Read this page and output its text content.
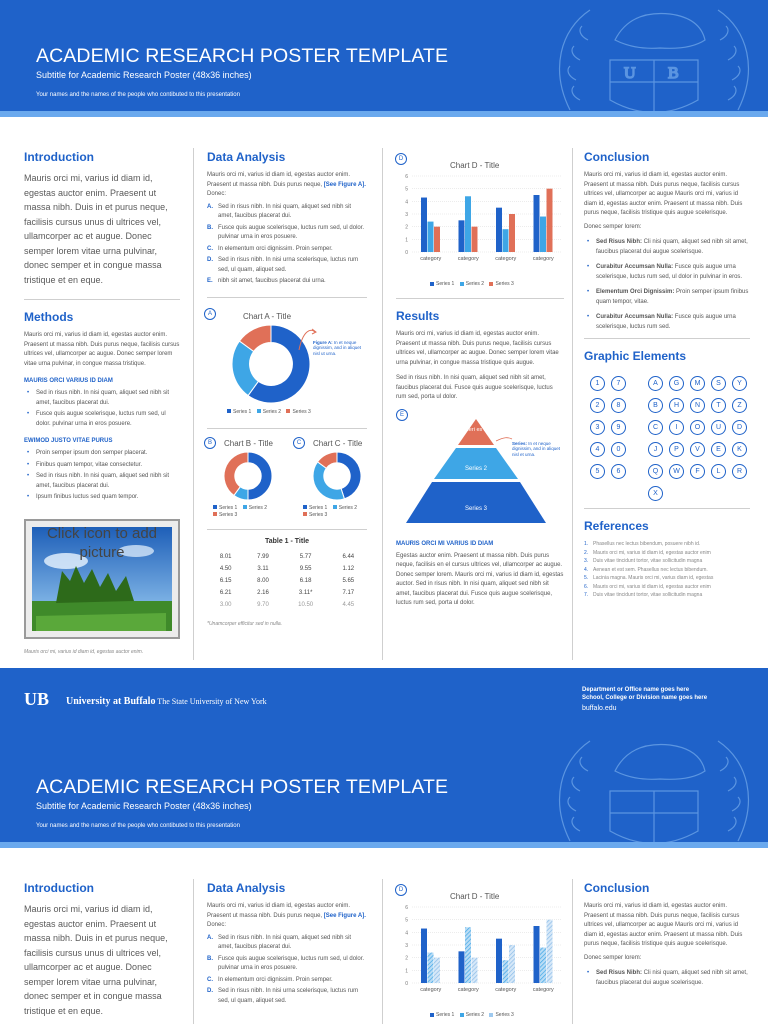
U B
ACADEMIC RESEARCH POSTER TEMPLATE
Subtitle for Academic Research Poster (48x36 inches)
Your names and the names of the people who contibuted to this presentation
Introduction

Mauris orci mi, varius id diam id, egestas auctor enim. Praesent ut massa nibh. Duis in et purus neque, facilisis cursus unus di ultrices vel, ullamcorper ac et augue. Donec semper lorem vitae urna pulvinar, donec semper et in congue massa tristique et en eque.

Methods

Mauris orci mi, varius id diam id, egestas auctor enim. Praesent ut massa nibh. Duis purus neque, facilisis cursus ultrices vel, ullamcorper ac augue. Donec semper lorem vitae urna pulvinar, in congue massa tristique.

MAURIS ORCI VARIUS ID DIAM
• Sed in risus nibh. In nisi quam, aliquet sed nibh sit amet, faucibus placerat dui.
• Fusce quis augue scelerisque, luctus rum sed, ul dolor. pulvinar urna in eros posuere.
EWIMOD JUSTO VITAE PURUS
• Proin semper ipsum don semper placerat.
• Finibus quam tempor, vitae consectetur.
• Sed in risus nibh. In nisi quam, aliquet sed nibh sit amet, faucibus placerat dui.
• Ipsum finibus luctus sed quam tempor.
Click icon to add picture
Mauris orci mi, varius id diam id, egestas auctor enim.
Data Analysis

Mauris orci mi, varius id diam id, egestas auctor enim. Praesent ut massa nibh. Duis purus neque, [See Figure A]. Donec:

A. Sed in risus nibh. In nisi quam, aliquet sed nibh sit amet, faucibus placerat dui.
B. Fusce quis augue scelerisque, luctus rum sed, ul dolor. pulvinar urna in eros posuere.
C. In elementum orci dignissim. Proin semper.
D. Sed in risus nibh. In nisi urna scelerisque, luctus rum sed, ul quam, aliquet sed.
E. nibh sit amet, faucibus placerat dui urna.
A	Chart A - Title
Figure A: In et neque dignissim, and in aliquet nisl ut urna.
Series 1 Series 2 Series 3
B	Chart B - Title
Series 1 Series 2
Series 3
C	Chart C - Title
Series 1 Series 2
Series 3
Table 1 - Title
8.01	7.99	5.77	6.44
4.50	3.11	9.55	1.12
6.15	8.00	6.18	5.65
6.21	2.16	3.11*	7.17
3.00	9.70	10.50	4.45
*Unamcorper efficitur sed in nulla.
D
Chart D - Title
0
1
2
3
4
5
6
category	category	category	category
Series 1 Series 2 Series 3
Results

Mauris orci mi, varius id diam id, egestas auctor enim. Praesent ut massa nibh. Duis purus neque, facilisis cursus ultrices vel, ullamcorper ac augue. Donec semper lorem vitae urna pulvinar, in congue massa tristique quis augue.

Sed in risus nibh. In nisi quam, aliquet sed nibh sit amet, faucibus placerat dui. Fusce quis augue scelerisque, luctus rum sed, porta ul dolor.

E
Seri es 1
Series 2
Series 3
Series: In et neque dignissim, and in aliquet nisl et urna.
MAURIS ORCI MI VARIUS ID DIAM

Egestas auctor enim. Praesent ut massa nibh. Duis purus neque, facilisis en el cursus ultrices vel, ullamcorper ac augue. Donec semper lorem. Mauris orci mi, varius id diam id, egestas auctor. Sed in risus nibh. In nisi quam, aliquet sed nibh sit amet, faucibus placerat dui. Fusce quis augue scelerisque, luctus rum sed, porta ul dolor.

Conclusion

Mauris orci mi, varius id diam id, egestas auctor enim. Praesent ut massa nibh. Duis purus neque, facilisis cursus ultrices vel, ullamcorper ac augue Mauris orci mi, varius id diam id, egestas auctor enim. Praesent ut massa nibh. Duis purus neque, facilisis tristique quis augue scelerisque.

Donec semper lorem:

• Sed Risus Nibh: Cli nisi quam, aliquet sed nibh sit amet, faucibus placerat dui augue scelerisque.
• Curabitur Accumsan Nulla: Fusce quis augue urna scelerisque, luctus rum sed, ul dolor in pulvinar in eros.
• Elementum Orci Dignissim: Proin semper ipsum finibus quam tempor, vitae.
• Curabitur Accumsan Nulla: Fusce quis augue urna scelerisque, luctus rum sed.
Graphic Elements
1	7
2	8
3	9
4	0
5	6
A	G	M	S	Y
B	H	N	T	Z
C	I	O	U	D
J	P	V	E	K
Q	W	F	L	R
X
References
1. Phasellus nec lectus bibendum, posuere nibh id.
2. Mauris orci mi, varius id diam id, egestas auctor enim
3. Duis vitae tincidunt tortor, vitae sollicitudin magna
4. Aenean et est sem. Phasellus nec lectus bibendum.
5. Lacinia magna. Mauris orci mi, varius diam id, egestas
6. Mauris orci mi, varius id diam id, egestas auctor enim
7. Duis vitae tincidunt tortor, vitae sollicitudin magna
UB University at Buffalo The State University of New York
Department or Office name goes here
School, College or Division name goes here
buffalo.edu
ACADEMIC RESEARCH POSTER TEMPLATE
Subtitle for Academic Research Poster (48x36 inches)
Your names and the names of the people who contibuted to this presentation
Introduction

Mauris orci mi, varius id diam id, egestas auctor enim. Praesent ut massa nibh. Duis in et purus neque, facilisis cursus unus di ultrices vel, ullamcorper ac et augue. Donec semper lorem vitae urna pulvinar, donec semper et in congue massa tristique et en eque.

Data Analysis

Mauris orci mi, varius id diam id, egestas auctor enim. Praesent ut massa nibh. Duis purus neque, [See Figure A]. Donec:

A. Sed in risus nibh. In nisi quam, aliquet sed nibh sit amet, faucibus placerat dui.
B. Fusce quis augue scelerisque, luctus rum sed, ul dolor. pulvinar urna in eros posuere.
C. In elementum orci dignissim. Proin semper.
D. Sed in risus nibh. In nisi urna scelerisque, luctus rum sed, ul quam, aliquet sed.
D
Chart D - Title
0
1
2
3
4
5
6
category	category	category	category
Series 1 Series 2 Series 3
Conclusion

Mauris orci mi, varius id diam id, egestas auctor enim. Praesent ut massa nibh. Duis purus neque, facilisis cursus ultrices vel, ullamcorper ac augue Mauris orci mi, varius id diam id, egestas auctor enim. Praesent ut massa nibh. Duis purus neque, facilisis tristique quis augue scelerisque.

Donec semper lorem:

• Sed Risus Nibh: Cli nisi quam, aliquet sed nibh sit amet, faucibus placerat dui augue scelerisque.
